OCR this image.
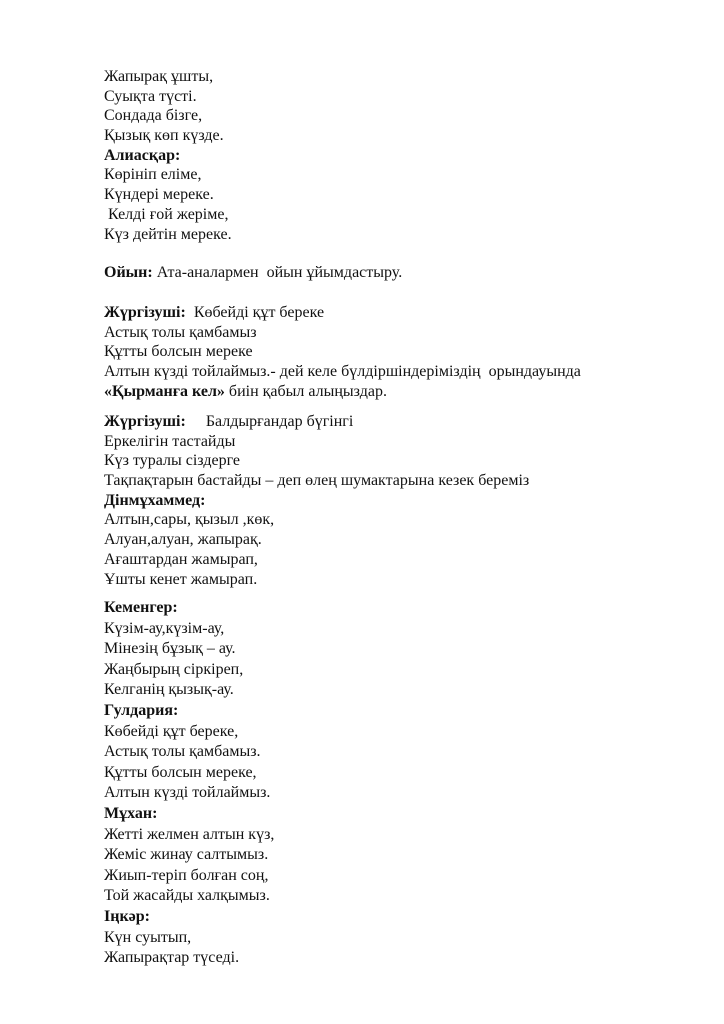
Жапырақ ұшты,
Суықта түсті.
Сондада бізге,
Қызық көп күзде.
Алиасқар:
Көрініп еліме,
Күндері мереке.
Келді ғой жеріме,
Күз дейтін мереке.
Ойын: Ата-аналармен  ойын ұйымдастыру.
Жүргізуші:  Көбейді құт береке
Астық толы қамбамыз
Құтты болсын мереке
Алтын күзді тойлаймыз.- дей келе бүлдіршіндеріміздің  орындауында
«Қырманға кел» биін қабыл алыңыздар.
Жүргізуші:     Балдырғандар бүгінгі
Еркелігін тастайды
Күз туралы сіздерге
Тақпақтарын бастайды – деп өлең шумактарына кезек береміз
Дінмұхаммед:
Алтын,сары, қызыл ,көк,
Алуан,алуан, жапырақ.
Ағаштардан жамырап,
Ұшты кенет жамырап.
Кеменгер:
Күзім-ау,күзім-ау,
Мінезің бұзық – ау.
Жаңбырың сіркіреп,
Келганің қызық-ау.
Гулдария:
Көбейді құт береке,
Астық толы қамбамыз.
Құтты болсын мереке,
Алтын күзді тойлаймыз.
Мұхан:
Жетті желмен алтын күз,
Жеміс жинау салтымыз.
Жиып-теріп болған соң,
Той жасайды халқымыз.
Іңкәр:
Күн суытып,
Жапырақтар түседі.
